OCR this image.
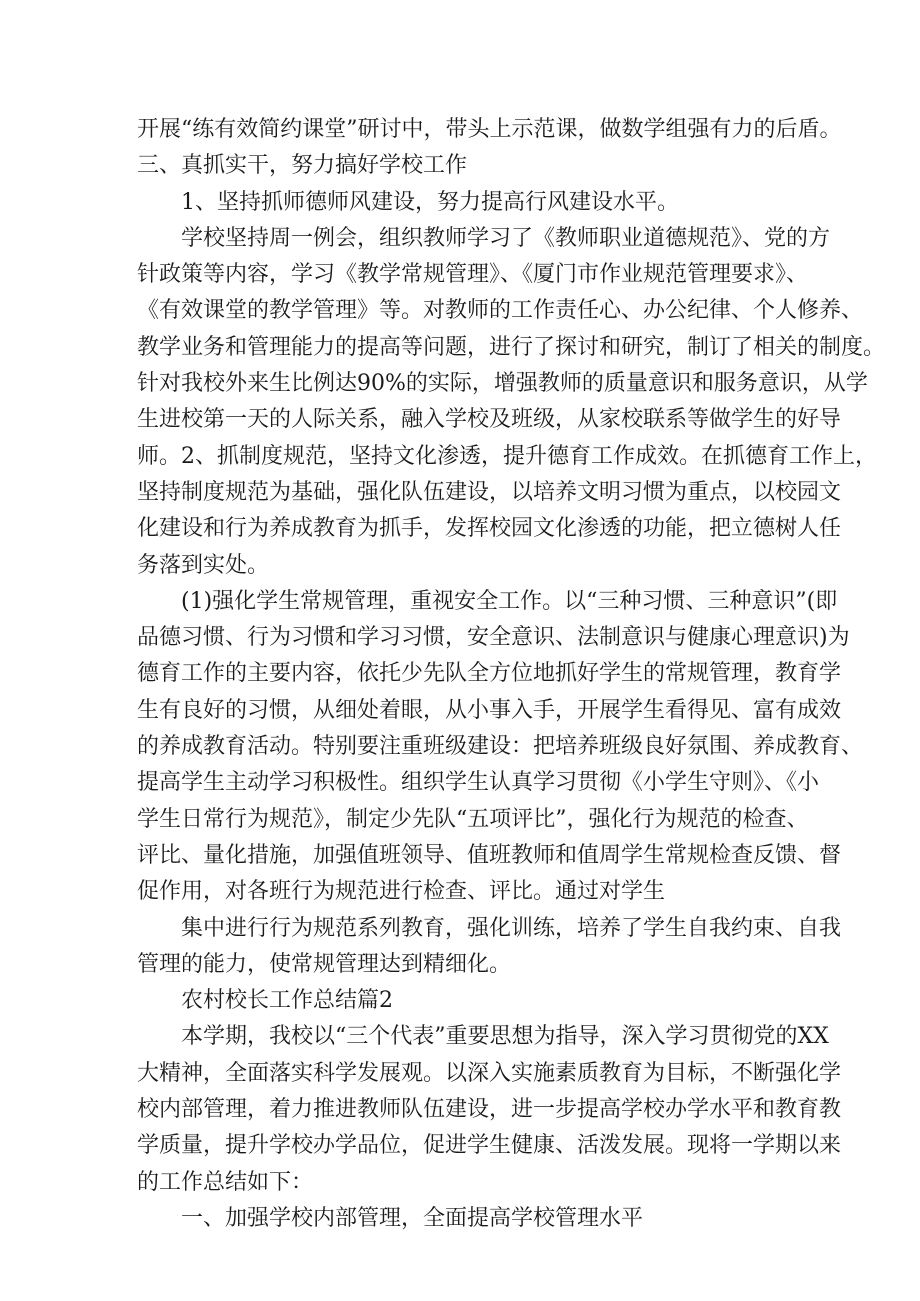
开展“练有效简约课堂”研讨中，带头上示范课，做数学组强有力的后盾。
三、真抓实干，努力搞好学校工作
1、坚持抓师德师风建设，努力提高行风建设水平。
学校坚持周一例会，组织教师学习了《教师职业道德规范》、党的方
针政策等内容，学习《教学常规管理》、《厦门市作业规范管理要求》、
《有效课堂的教学管理》等。对教师的工作责任心、办公纪律、个人修养、
教学业务和管理能力的提高等问题，进行了探讨和研究，制订了相关的制度。
针对我校外来生比例达90%的实际，增强教师的质量意识和服务意识，从学
生进校第一天的人际关系，融入学校及班级，从家校联系等做学生的好导
师。2、抓制度规范，坚持文化渗透，提升德育工作成效。在抓德育工作上，
坚持制度规范为基础，强化队伍建设，以培养文明习惯为重点，以校园文
化建设和行为养成教育为抓手，发挥校园文化渗透的功能，把立德树人任
务落到实处。
(1)强化学生常规管理，重视安全工作。以“三种习惯、三种意识”(即
品德习惯、行为习惯和学习习惯，安全意识、法制意识与健康心理意识)为
德育工作的主要内容，依托少先队全方位地抓好学生的常规管理，教育学
生有良好的习惯，从细处着眼，从小事入手，开展学生看得见、富有成效
的养成教育活动。特别要注重班级建设：把培养班级良好氛围、养成教育、
提高学生主动学习积极性。组织学生认真学习贯彻《小学生守则》、《小
学生日常行为规范》，制定少先队“五项评比”，强化行为规范的检查、
评比、量化措施，加强值班领导、值班教师和值周学生常规检查反馈、督
促作用，对各班行为规范进行检查、评比。通过对学生
集中进行行为规范系列教育，强化训练，培养了学生自我约束、自我
管理的能力，使常规管理达到精细化。
农村校长工作总结篇2
本学期，我校以“三个代表”重要思想为指导，深入学习贯彻党的XX
大精神，全面落实科学发展观。以深入实施素质教育为目标，不断强化学
校内部管理，着力推进教师队伍建设，进一步提高学校办学水平和教育教
学质量，提升学校办学品位，促进学生健康、活泼发展。现将一学期以来
的工作总结如下：
一、加强学校内部管理，全面提高学校管理水平
